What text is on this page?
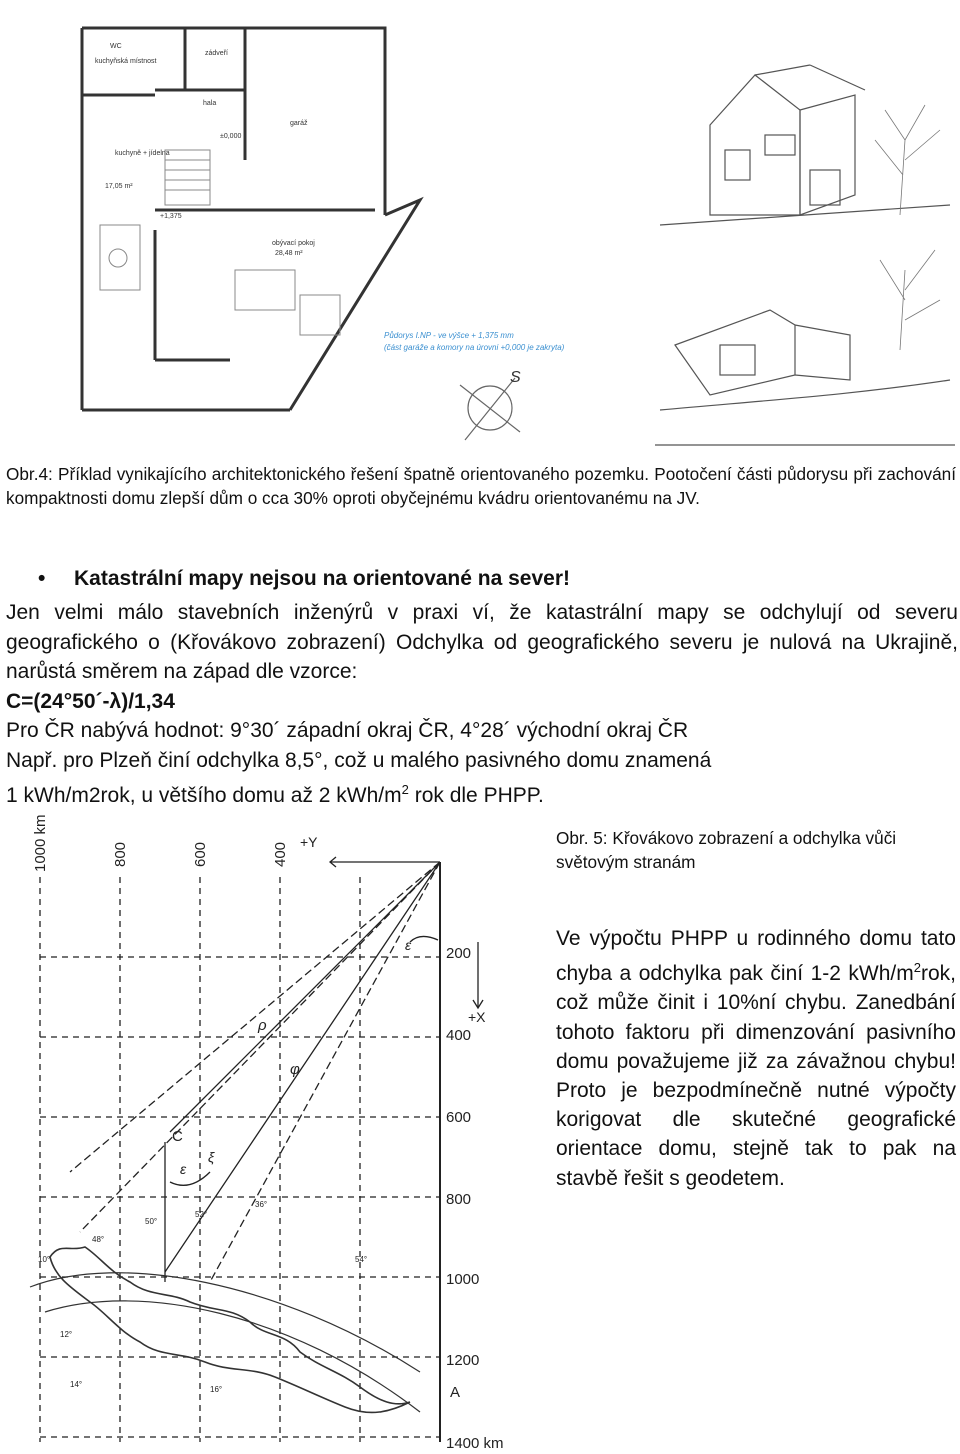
WC
kuchyňská místnost
zádveří
hala
garáž
kuchyně + jídelna
17,05 m²
±0,000
+1,375
obývací pokoj
28,48 m²
Půdorys I.NP - ve výšce + 1,375 mm
(část garáže a komory na úrovni +0,000 je zakryta)
S
Obr.4: Příklad vynikajícího architektonického řešení špatně orientovaného pozemku. Pootočení části půdorysu při zachování kompaktnosti domu zlepší dům o cca 30% oproti obyčejnému kvádru orientovanému na JV.
• Katastrální mapy nejsou na orientované na sever!

Jen velmi málo stavebních inženýrů v praxi ví, že katastrální mapy se odchylují od severu geografického o (Křovákovo zobrazení) Odchylka od geografického severu je nulová na Ukrajině, narůstá směrem na západ dle vzorce:

C=(24°50´-λ)/1,34

Pro ČR nabývá hodnot: 9°30´ západní okraj ČR, 4°28´ východní okraj ČR

Např. pro Plzeň činí odchylka 8,5°, což u malého pasivného domu znamená

1 kWh/m2rok, u většího domu až 2 kWh/$m^2$ rok dle PHPP.

1000 km	800	600	400 +Y
+X
200
400
600
800
1000
1200
1400 km
ε
ρ
φ
C
ε
ξ
A
48°
50°
52°
36°
54°
10°
12°
14°
16°
Obr. 5: Křovákovo zobrazení a odchylka vůči světovým stranám

Ve výpočtu PHPP u rodinného domu tato chyba a odchylka pak činí 1-2 kWh/$m^2rok$, což může činit i 10%ní chybu. Zanedbání tohoto faktoru při dimenzování pasivního domu považujeme již za závažnou chybu! Proto je bezpodmínečně nutné výpočty korigovat dle skutečné geografické orientace domu, stejně tak to pak na stavbě řešit s geodetem.
